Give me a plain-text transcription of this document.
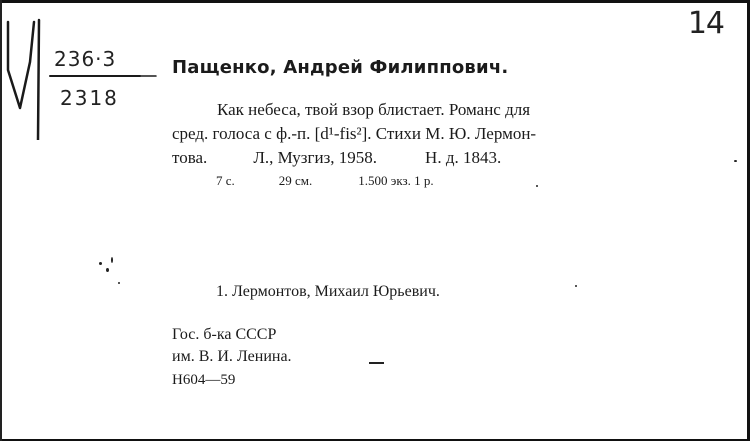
236·3
2318
14
Пащенко, Андрей Филиппович.
Как небеса, твой взор блистает. Романс для
сред. голоса с ф.-п. [d¹-fis²]. Стихи М. Ю. Лермон-
това.	Л., Музгиз, 1958.	Н. д. 1843.
7 с.	29 см.	1.500 экз. 1 р.
1. Лермонтов, Михаил Юрьевич.
Гос. б-ка СССР
им. В. И. Ленина.
Н604—59
